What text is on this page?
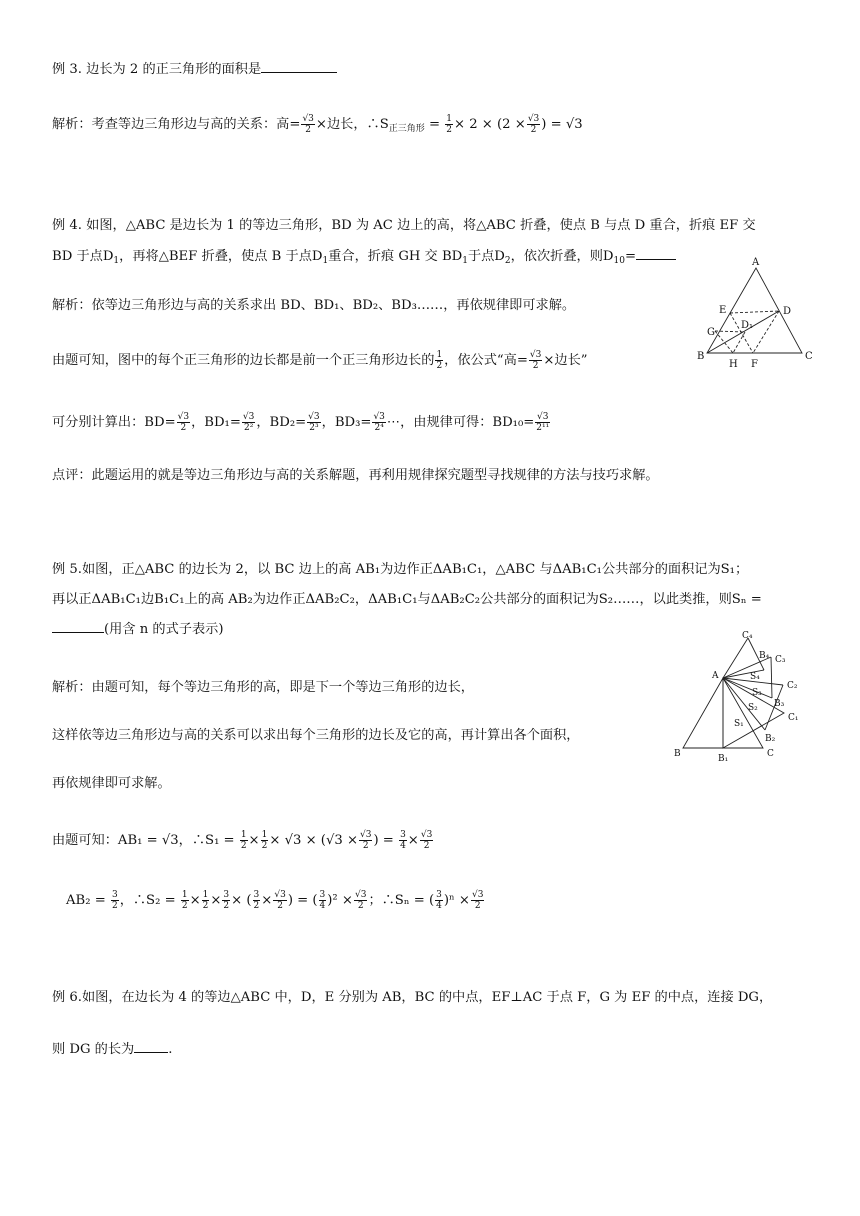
例 3. 边长为 2 的正三角形的面积是
解析：考查等边三角形边与高的关系：高= $\frac{√3}{2}$ ×边长，$\therefore S_{正三角形} = \frac{1}{2} \times 2 \times (2 \times \frac{√3}{2}$ ) = √3
例 4. 如图，△ABC 是边长为 1 的等边三角形，BD 为 AC 边上的高，将△ABC 折叠，使点 B 与点 D 重合，折痕 EF 交
BD 于点$D_1$，再将△BEF 折叠，使点 B 于点$D_1$重合，折痕 GH 交 $BD_1$于点$D_2$，依次折叠，则$D_{10}=$
解析：依等边三角形边与高的关系求出 BD、BD₁、BD₂、BD₃……，再依规律即可求解。
由题可知，图中的每个正三角形的边长都是前一个正三角形边长的 $\frac{1}{2}$ ，依公式“高= $\frac{√3}{2}$ ×边长”
可分别计算出：$BD= \frac{√3}{2}$ ，$BD_1= \frac{√3}{\text{2²}}$ ，$BD_2= \frac{√3}{\text{2³}}$ ，$BD_3= \frac{√3}{\text{2⁴}}$ ⋯，由规律可得：$BD_{10}= \frac{√3}{\text{2¹¹}}$
点评：此题运用的就是等边三角形边与高的关系解题，再利用规律探究题型寻找规律的方法与技巧求解。
A
B	C
D
E
F
G
H
D₁
例 5.如图，正△ABC 的边长为 2，以 BC 边上的高 AB₁为边作正ΔAB₁C₁，△ABC 与ΔAB₁C₁公共部分的面积记为S₁；
再以正ΔAB₁C₁边B₁C₁上的高 AB₂为边作正ΔAB₂C₂，ΔAB₁C₁与ΔAB₂C₂公共部分的面积记为S₂……，以此类推，则Sₙ =
(用含 n 的式子表示)
解析：由题可知，每个等边三角形的高，即是下一个等边三角形的边长，
这样依等边三角形边与高的关系可以求出每个三角形的边长及它的高，再计算出各个面积，
再依规律即可求解。
由题可知：AB₁ = √3，∴S₁ = $\frac{1}{2} \times \frac{1}{2} \times √3 \times (√3 \times \frac{√3}{2}$ ) = $\frac{3}{4} \times \frac{√3}{2}$
$AB_2 = \frac{3}{2}$ ，∴S₂ = $\frac{1}{2} \times \frac{1}{2} \times \frac{3}{2}$ × ( $\frac{3}{2} \times \frac{√3}{2}$ ) = ( $\frac{3}{4} )^2 \times \frac{√3}{2}$ ；∴Sₙ = ( $\frac{3}{4} )^n \times \frac{√3}{2}$
A
B	C
B₁
B₂
B₃
B₄
C₁
C₂
C₃
C₄
S₁
S₂
S₃
S₄
例 6.如图，在边长为 4 的等边△ABC 中，D，E 分别为 AB，BC 的中点，EF⊥AC 于点 F，G 为 EF 的中点，连接 DG，
则 DG 的长为	.
